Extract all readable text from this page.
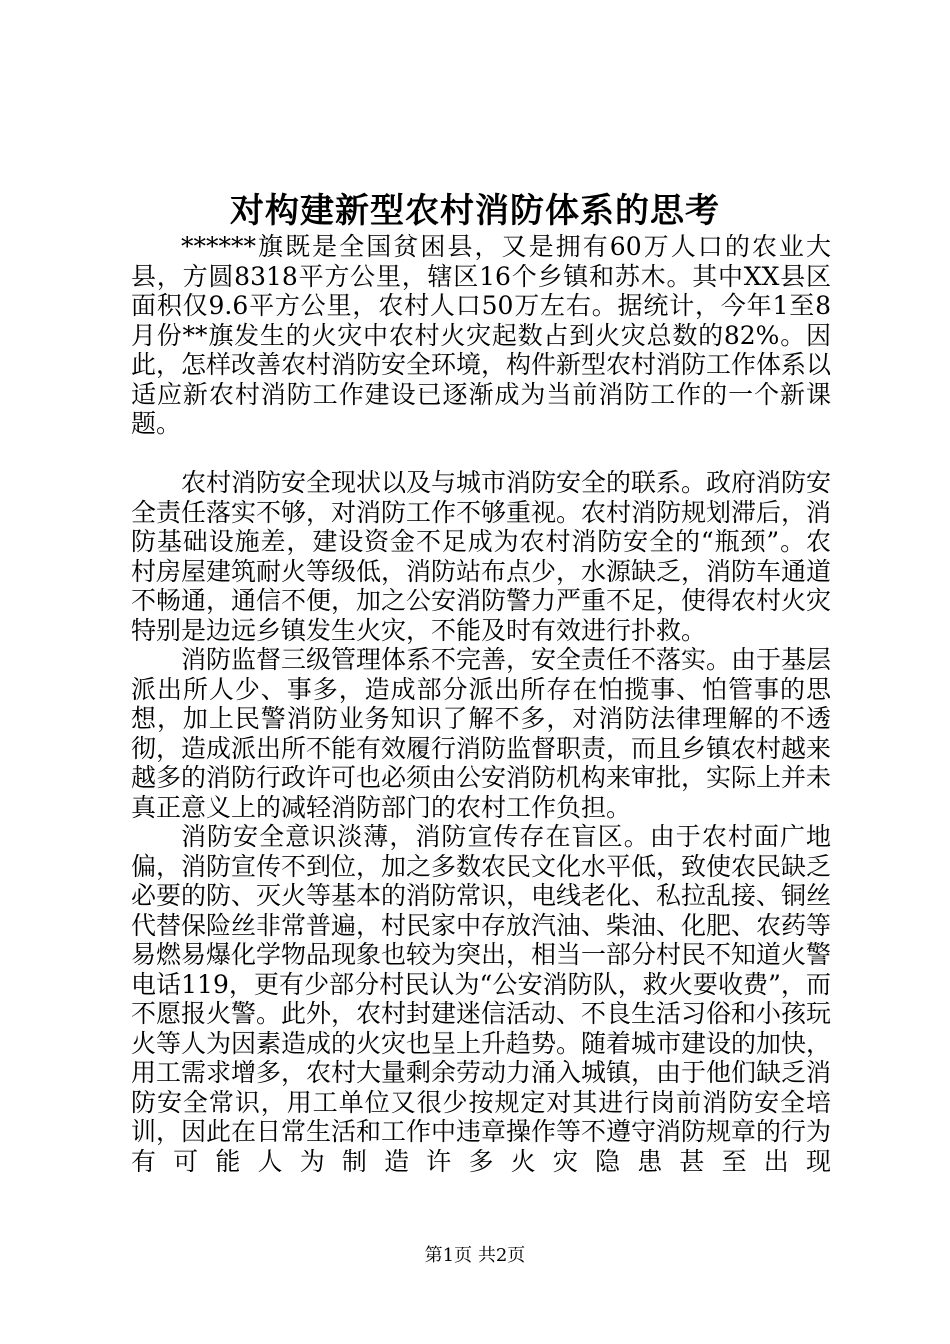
对构建新型农村消防体系的思考

******旗既是全国贫困县，又是拥有60万人口的农业大县，方圆8318平方公里，辖区16个乡镇和苏木。其中XX县区面积仅9.6平方公里，农村人口50万左右。据统计，今年1至8月份**旗发生的火灾中农村火灾起数占到火灾总数的82%。因此，怎样改善农村消防安全环境，构件新型农村消防工作体系以适应新农村消防工作建设已逐渐成为当前消防工作的一个新课题。

农村消防安全现状以及与城市消防安全的联系。政府消防安全责任落实不够，对消防工作不够重视。农村消防规划滞后，消防基础设施差，建设资金不足成为农村消防安全的“瓶颈”。农村房屋建筑耐火等级低，消防站布点少，水源缺乏，消防车通道不畅通，通信不便，加之公安消防警力严重不足，使得农村火灾特别是边远乡镇发生火灾，不能及时有效进行扑救。

消防监督三级管理体系不完善，安全责任不落实。由于基层派出所人少、事多，造成部分派出所存在怕揽事、怕管事的思想，加上民警消防业务知识了解不多，对消防法律理解的不透彻，造成派出所不能有效履行消防监督职责，而且乡镇农村越来越多的消防行政许可也必须由公安消防机构来审批，实际上并未真正意义上的减轻消防部门的农村工作负担。

消防安全意识淡薄，消防宣传存在盲区。由于农村面广地偏，消防宣传不到位，加之多数农民文化水平低，致使农民缺乏必要的防、灭火等基本的消防常识，电线老化、私拉乱接、铜丝代替保险丝非常普遍，村民家中存放汽油、柴油、化肥、农药等易燃易爆化学物品现象也较为突出，相当一部分村民不知道火警电话119，更有少部分村民认为“公安消防队，救火要收费”，而不愿报火警。此外，农村封建迷信活动、不良生活习俗和小孩玩火等人为因素造成的火灾也呈上升趋势。随着城市建设的加快，用工需求增多，农村大量剩余劳动力涌入城镇，由于他们缺乏消防安全常识，用工单位又很少按规定对其进行岗前消防安全培训，因此在日常生活和工作中违章操作等不遵守消防规章的行为有可能人为制造许多火灾隐患甚至出现

第1页 共2页
